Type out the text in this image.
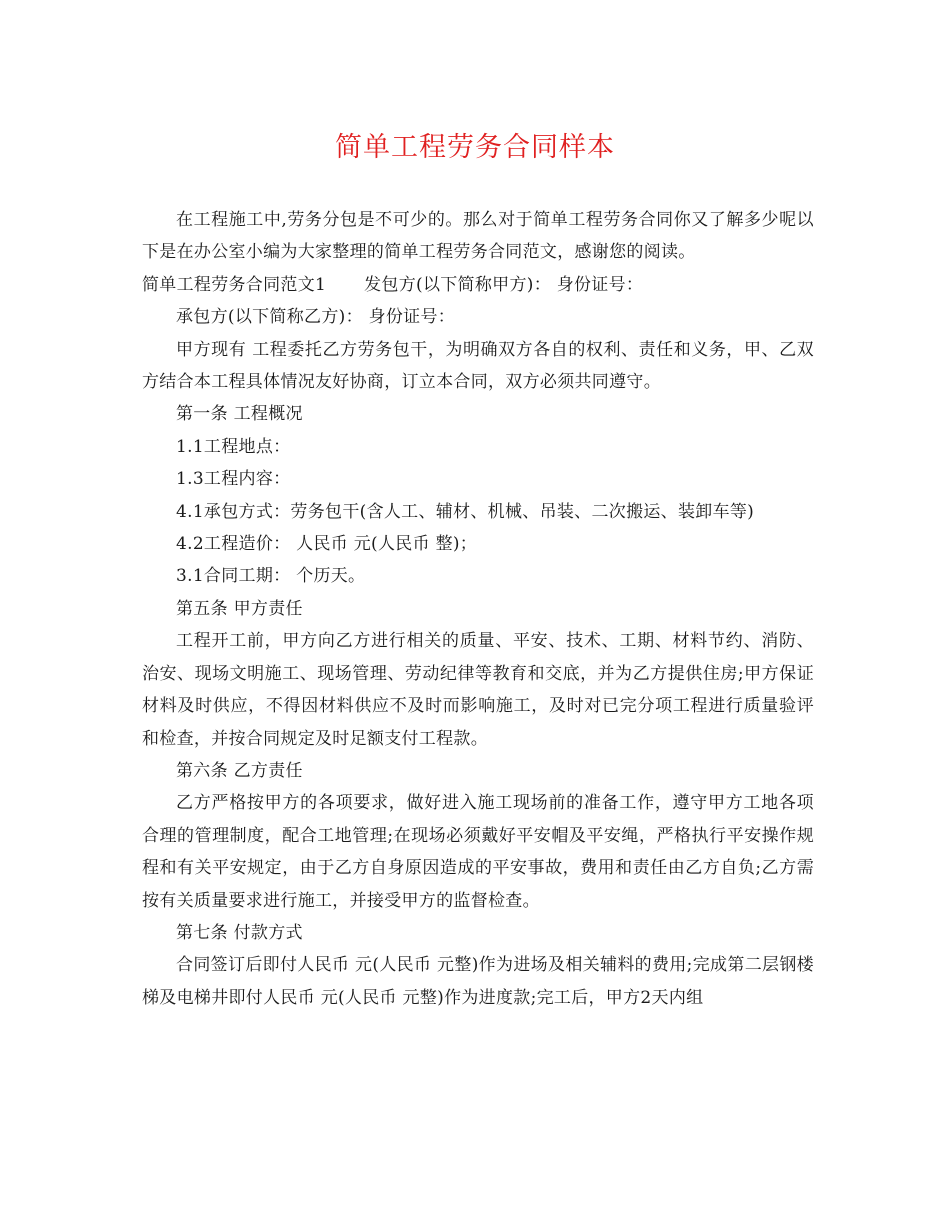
简单工程劳务合同样本

在工程施工中,劳务分包是不可少的。那么对于简单工程劳务合同你又了解多少呢以下是在办公室小编为大家整理的简单工程劳务合同范文，感谢您的阅读。

简单工程劳务合同范文1 发包方(以下简称甲方)： 身份证号：

承包方(以下简称乙方)： 身份证号：

甲方现有 工程委托乙方劳务包干，为明确双方各自的权利、责任和义务，甲、乙双方结合本工程具体情况友好协商，订立本合同，双方必须共同遵守。

第一条 工程概况

1.1工程地点：

1.3工程内容：

4.1承包方式：劳务包干(含人工、辅材、机械、吊装、二次搬运、装卸车等)

4.2工程造价： 人民币 元(人民币 整)；

3.1合同工期： 个历天。

第五条 甲方责任

工程开工前，甲方向乙方进行相关的质量、平安、技术、工期、材料节约、消防、治安、现场文明施工、现场管理、劳动纪律等教育和交底，并为乙方提供住房;甲方保证材料及时供应，不得因材料供应不及时而影响施工，及时对已完分项工程进行质量验评和检查，并按合同规定及时足额支付工程款。

第六条 乙方责任

乙方严格按甲方的各项要求，做好进入施工现场前的准备工作，遵守甲方工地各项合理的管理制度，配合工地管理;在现场必须戴好平安帽及平安绳，严格执行平安操作规程和有关平安规定，由于乙方自身原因造成的平安事故，费用和责任由乙方自负;乙方需按有关质量要求进行施工，并接受甲方的监督检查。

第七条 付款方式

合同签订后即付人民币 元(人民币 元整)作为进场及相关辅料的费用;完成第二层钢楼梯及电梯井即付人民币 元(人民币 元整)作为进度款;完工后，甲方2天内组
